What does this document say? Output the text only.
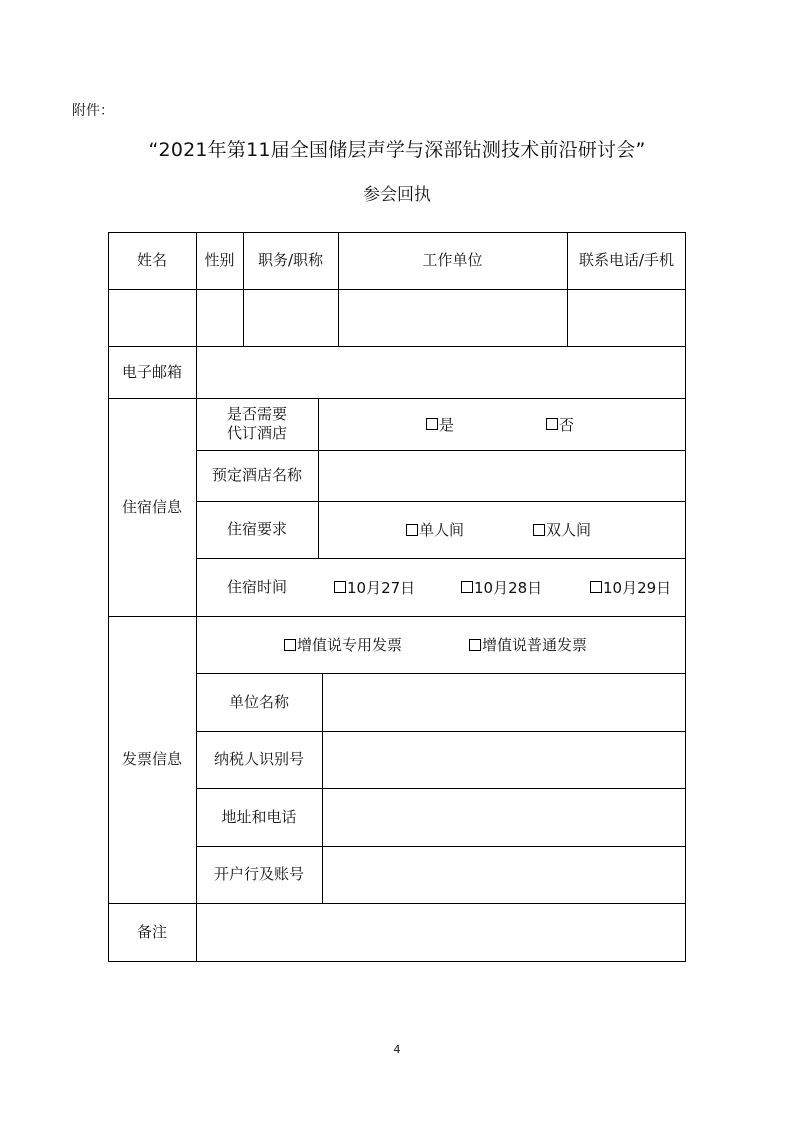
附件：
“2021年第11届全国储层声学与深部钻测技术前沿研讨会”
参会回执
姓名	性别	职务/职称	工作单位	联系电话/手机
电子邮箱
住宿信息
是否需要
代订酒店	是	否
预定酒店名称
住宿要求	单人间	双人间
住宿时间	10月27日	10月28日	10月29日
发票信息
增值说专用发票	增值说普通发票
单位名称
纳税人识别号
地址和电话
开户行及账号
备注
4
